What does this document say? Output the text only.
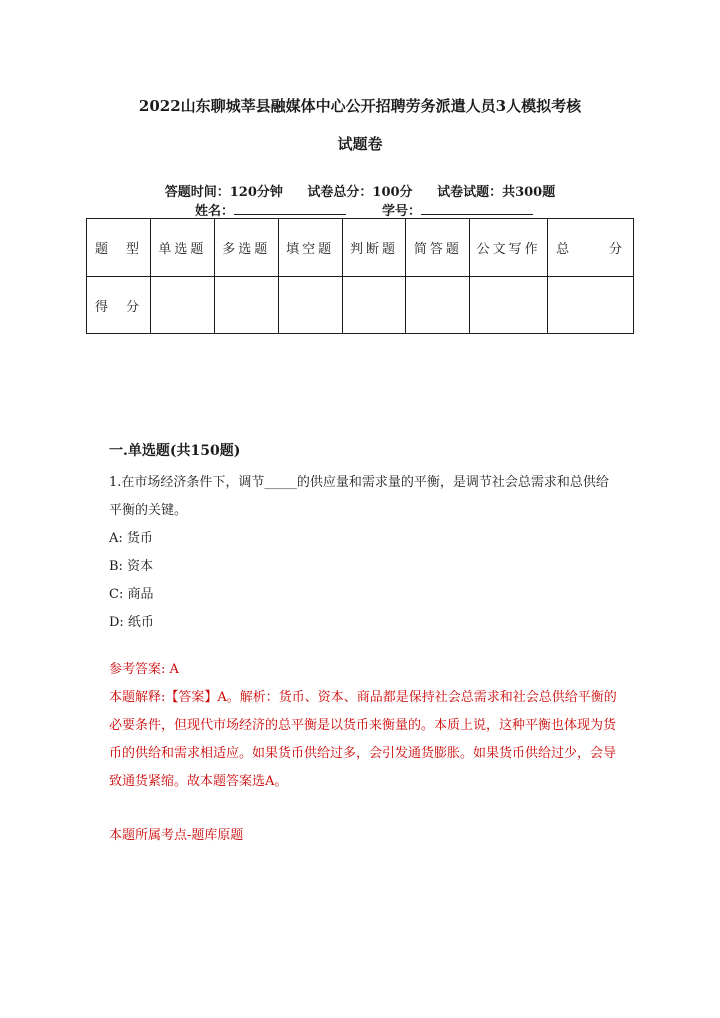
2022山东聊城莘县融媒体中心公开招聘劳务派遣人员3人模拟考核
试题卷
答题时间：120分钟 试卷总分：100分 试卷试题：共300题
姓名：	学号：
题 型	单选题	多选题	填空题	判断题	简答题	公文写作	总 分

得 分							

一.单选题(共150题)

1.在市场经济条件下，调节_____的供应量和需求量的平衡，是调节社会总需求和总供给平衡的关键。

A: 货币

B: 资本

C: 商品

D: 纸币

参考答案: A

本题解释:【答案】A。解析：货币、资本、商品都是保持社会总需求和社会总供给平衡的必要条件，但现代市场经济的总平衡是以货币来衡量的。本质上说，这种平衡也体现为货币的供给和需求相适应。如果货币供给过多，会引发通货膨胀。如果货币供给过少，会导致通货紧缩。故本题答案选A。

本题所属考点-题库原题
